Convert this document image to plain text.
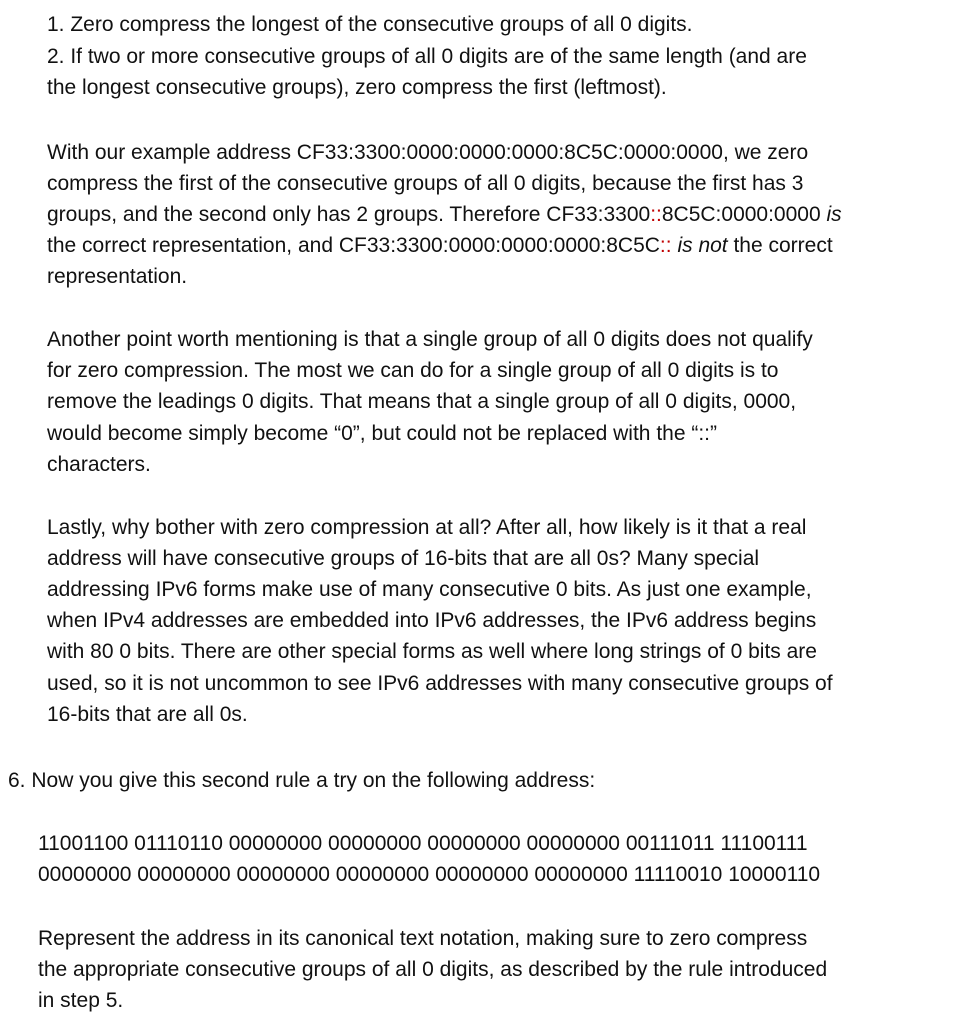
1. Zero compress the longest of the consecutive groups of all 0 digits.
2. If two or more consecutive groups of all 0 digits are of the same length (and are
the longest consecutive groups), zero compress the first (leftmost).
With our example address CF33:3300:0000:0000:0000:8C5C:0000:0000, we zero
compress the first of the consecutive groups of all 0 digits, because the first has 3
groups, and the second only has 2 groups. Therefore CF33:3300::8C5C:0000:0000 is
the correct representation, and CF33:3300:0000:0000:0000:8C5C:: is not the correct
representation.
Another point worth mentioning is that a single group of all 0 digits does not qualify
for zero compression. The most we can do for a single group of all 0 digits is to
remove the leadings 0 digits. That means that a single group of all 0 digits, 0000,
would become simply become “0”, but could not be replaced with the “::”
characters.
Lastly, why bother with zero compression at all? After all, how likely is it that a real
address will have consecutive groups of 16-bits that are all 0s? Many special
addressing IPv6 forms make use of many consecutive 0 bits. As just one example,
when IPv4 addresses are embedded into IPv6 addresses, the IPv6 address begins
with 80 0 bits. There are other special forms as well where long strings of 0 bits are
used, so it is not uncommon to see IPv6 addresses with many consecutive groups of
16-bits that are all 0s.
6. Now you give this second rule a try on the following address:
11001100 01110110 00000000 00000000 00000000 00000000 00111011 11100111
00000000 00000000 00000000 00000000 00000000 00000000 11110010 10000110
Represent the address in its canonical text notation, making sure to zero compress
the appropriate consecutive groups of all 0 digits, as described by the rule introduced
in step 5.
